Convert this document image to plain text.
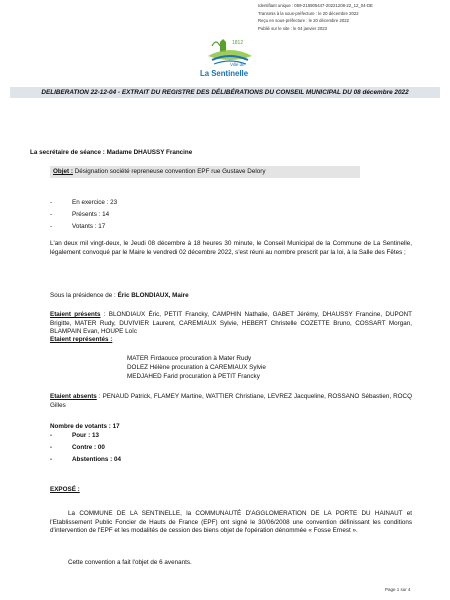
Identifiant unique : 059-215905447-20221208-22_12_04-DE
Transmis à la sous-préfecture : le 20 décembre 2022
Reçu en sous-préfecture : le 20 décembre 2022
Publié sur le site : le 04 janvier 2023
1812
Ville de
La Sentinelle
DELIBERATION 22-12-04 - EXTRAIT DU REGISTRE DES DÉLIBÉRATIONS DU CONSEIL MUNICIPAL DU 08 décembre 2022
La secrétaire de séance : Madame DHAUSSY Francine
Objet : Désignation société repreneuse convention EPF rue Gustave Delory
-	En exercice : 23
-	Présents : 14
-	Votants : 17
L'an deux mil vingt-deux, le Jeudi 08 décembre à 18 heures 30 minute, le Conseil Municipal de la Commune de La Sentinelle, légalement convoqué par le Maire le vendredi 02 décembre 2022, s'est réuni au nombre prescrit par la loi, à la Salle des Fêtes ;
Sous la présidence de : Éric BLONDIAUX, Maire
Etaient présents : BLONDIAUX Éric, PETIT Francky, CAMPHIN Nathalie, GABET Jérémy, DHAUSSY Francine, DUPONT Brigitte, MATER Rudy, DUVIVIER Laurent, CAREMIAUX Sylvie, HEBERT Christelle COZETTE Bruno, COSSART Morgan, BLAMPAIN Evan, HOUPE Loïc
Etaient représentés :
MATER Firdaouce procuration à Mater Rudy
DOLEZ Hélène procuration à CAREMIAUX Sylvie
MEDJAHED Farid procuration à PETIT Francky
Etaient absents : PENAUD Patrick, FLAMEY Martine, WATTIER Christiane, LEVREZ Jacqueline, ROSSANO Sébastien, ROCQ Gilles
Nombre de votants : 17
-	Pour : 13
-	Contre : 00
-	Abstentions : 04
EXPOSÉ :
La COMMUNE DE LA SENTINELLE, la COMMUNAUTÉ D'AGGLOMERATION DE LA PORTE DU HAINAUT et l'Etablissement Public Foncier de Hauts de France (EPF) ont signé le 30/06/2008 une convention définissant les conditions d'intervention de l'EPF et les modalités de cession des biens objet de l'opération dénommée « Fosse Ernest ».
Cette convention a fait l'objet de 6 avenants.
Page 1 sur 4
